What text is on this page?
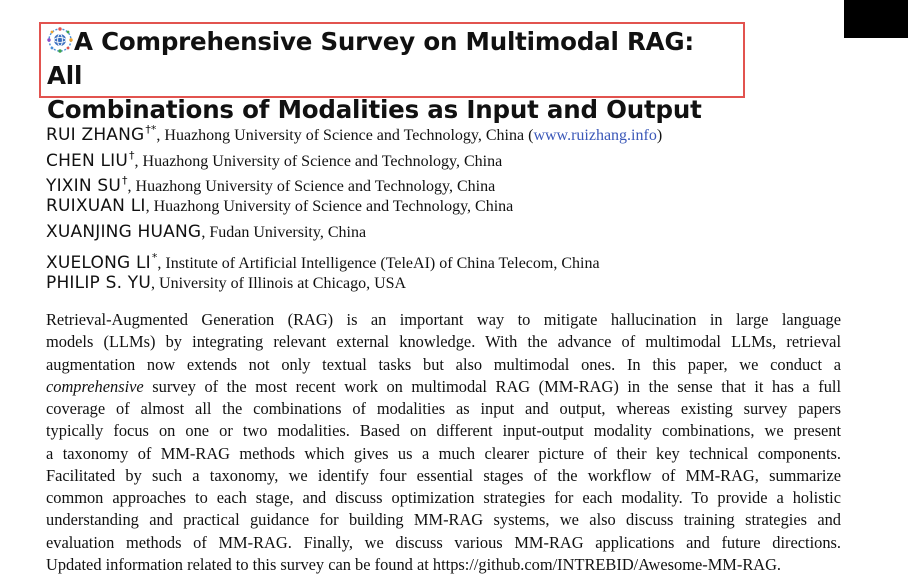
A Comprehensive Survey on Multimodal RAG: All
Combinations of Modalities as Input and Output
RUI ZHANG†*, Huazhong University of Science and Technology, China (www.ruizhang.info)
CHEN LIU†, Huazhong University of Science and Technology, China
YIXIN SU†, Huazhong University of Science and Technology, China
RUIXUAN LI, Huazhong University of Science and Technology, China
XUANJING HUANG, Fudan University, China
XUELONG LI*, Institute of Artificial Intelligence (TeleAI) of China Telecom, China
PHILIP S. YU, University of Illinois at Chicago, USA

Retrieval-Augmented Generation (RAG) is an important way to mitigate hallucination in large language
models (LLMs) by integrating relevant external knowledge. With the advance of multimodal LLMs, retrieval
augmentation now extends not only textual tasks but also multimodal ones. In this paper, we conduct a
comprehensive survey of the most recent work on multimodal RAG (MM-RAG) in the sense that it has a full
coverage of almost all the combinations of modalities as input and output, whereas existing survey papers
typically focus on one or two modalities. Based on different input-output modality combinations, we present
a taxonomy of MM-RAG methods which gives us a much clearer picture of their key technical components.
Facilitated by such a taxonomy, we identify four essential stages of the workflow of MM-RAG, summarize
common approaches to each stage, and discuss optimization strategies for each modality. To provide a holistic
understanding and practical guidance for building MM-RAG systems, we also discuss training strategies and
evaluation methods of MM-RAG. Finally, we discuss various MM-RAG applications and future directions.
Updated information related to this survey can be found at https://github.com/INTREBID/Awesome-MM-RAG.
